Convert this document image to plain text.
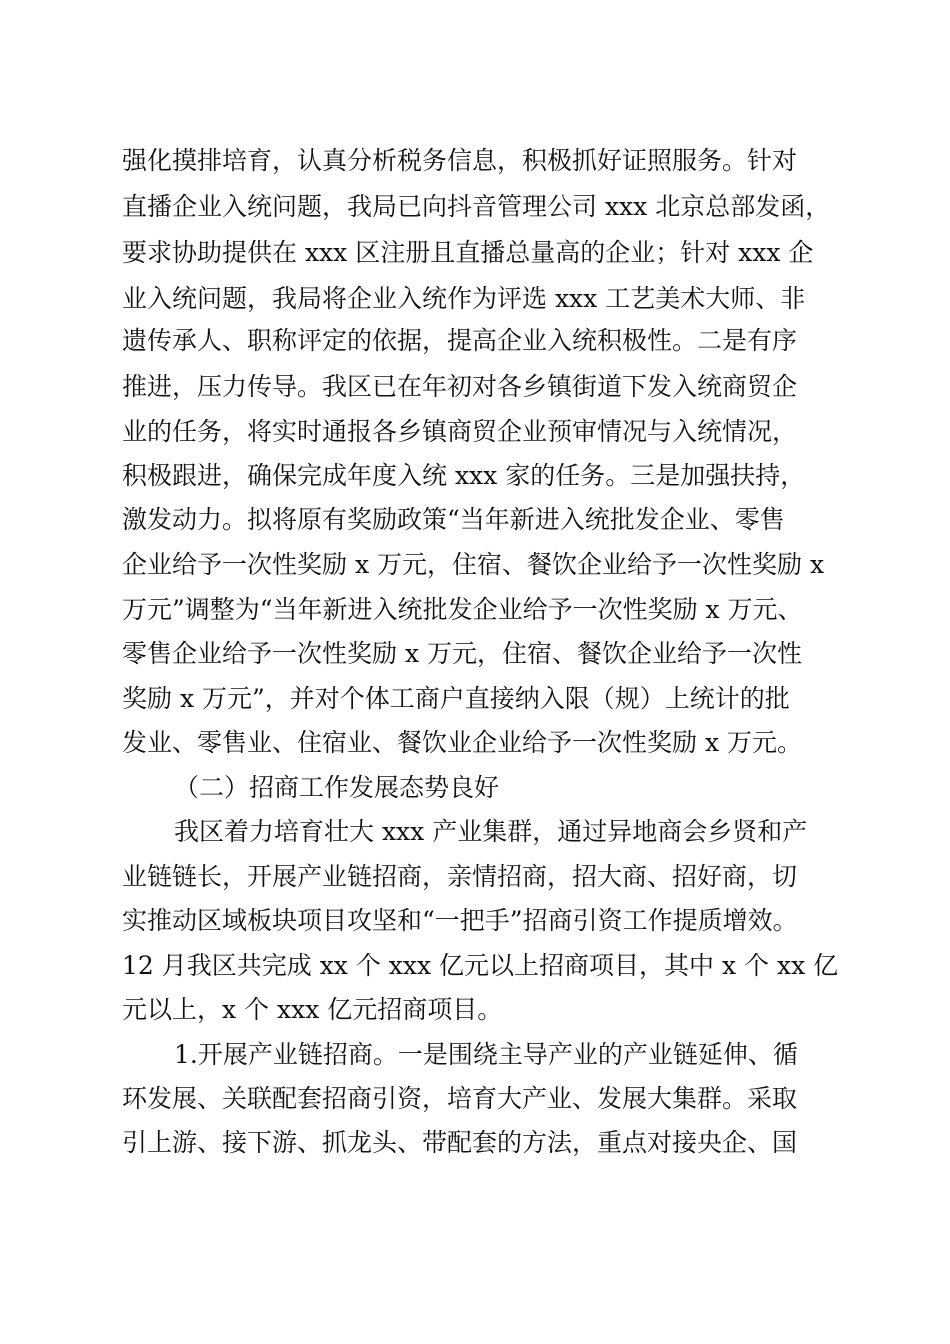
强化摸排培育，认真分析税务信息，积极抓好证照服务。针对
直播企业入统问题，我局已向抖音管理公司 xxx 北京总部发函，
要求协助提供在 xxx 区注册且直播总量高的企业；针对 xxx 企
业入统问题，我局将企业入统作为评选 xxx 工艺美术大师、非
遗传承人、职称评定的依据，提高企业入统积极性。二是有序
推进，压力传导。我区已在年初对各乡镇街道下发入统商贸企
业的任务，将实时通报各乡镇商贸企业预审情况与入统情况，
积极跟进，确保完成年度入统 xxx 家的任务。三是加强扶持，
激发动力。拟将原有奖励政策“当年新进入统批发企业、零售
企业给予一次性奖励 x 万元，住宿、餐饮企业给予一次性奖励 x
万元”调整为“当年新进入统批发企业给予一次性奖励 x 万元、
零售企业给予一次性奖励 x 万元，住宿、餐饮企业给予一次性
奖励 x 万元”，并对个体工商户直接纳入限（规）上统计的批
发业、零售业、住宿业、餐饮业企业给予一次性奖励 x 万元。
（二）招商工作发展态势良好
我区着力培育壮大 xxx 产业集群，通过异地商会乡贤和产
业链链长，开展产业链招商，亲情招商，招大商、招好商，切
实推动区域板块项目攻坚和“一把手”招商引资工作提质增效。
12 月我区共完成 xx 个 xxx 亿元以上招商项目，其中 x 个 xx 亿
元以上，x 个 xxx 亿元招商项目。
1.开展产业链招商。一是围绕主导产业的产业链延伸、循
环发展、关联配套招商引资，培育大产业、发展大集群。采取
引上游、接下游、抓龙头、带配套的方法，重点对接央企、国
